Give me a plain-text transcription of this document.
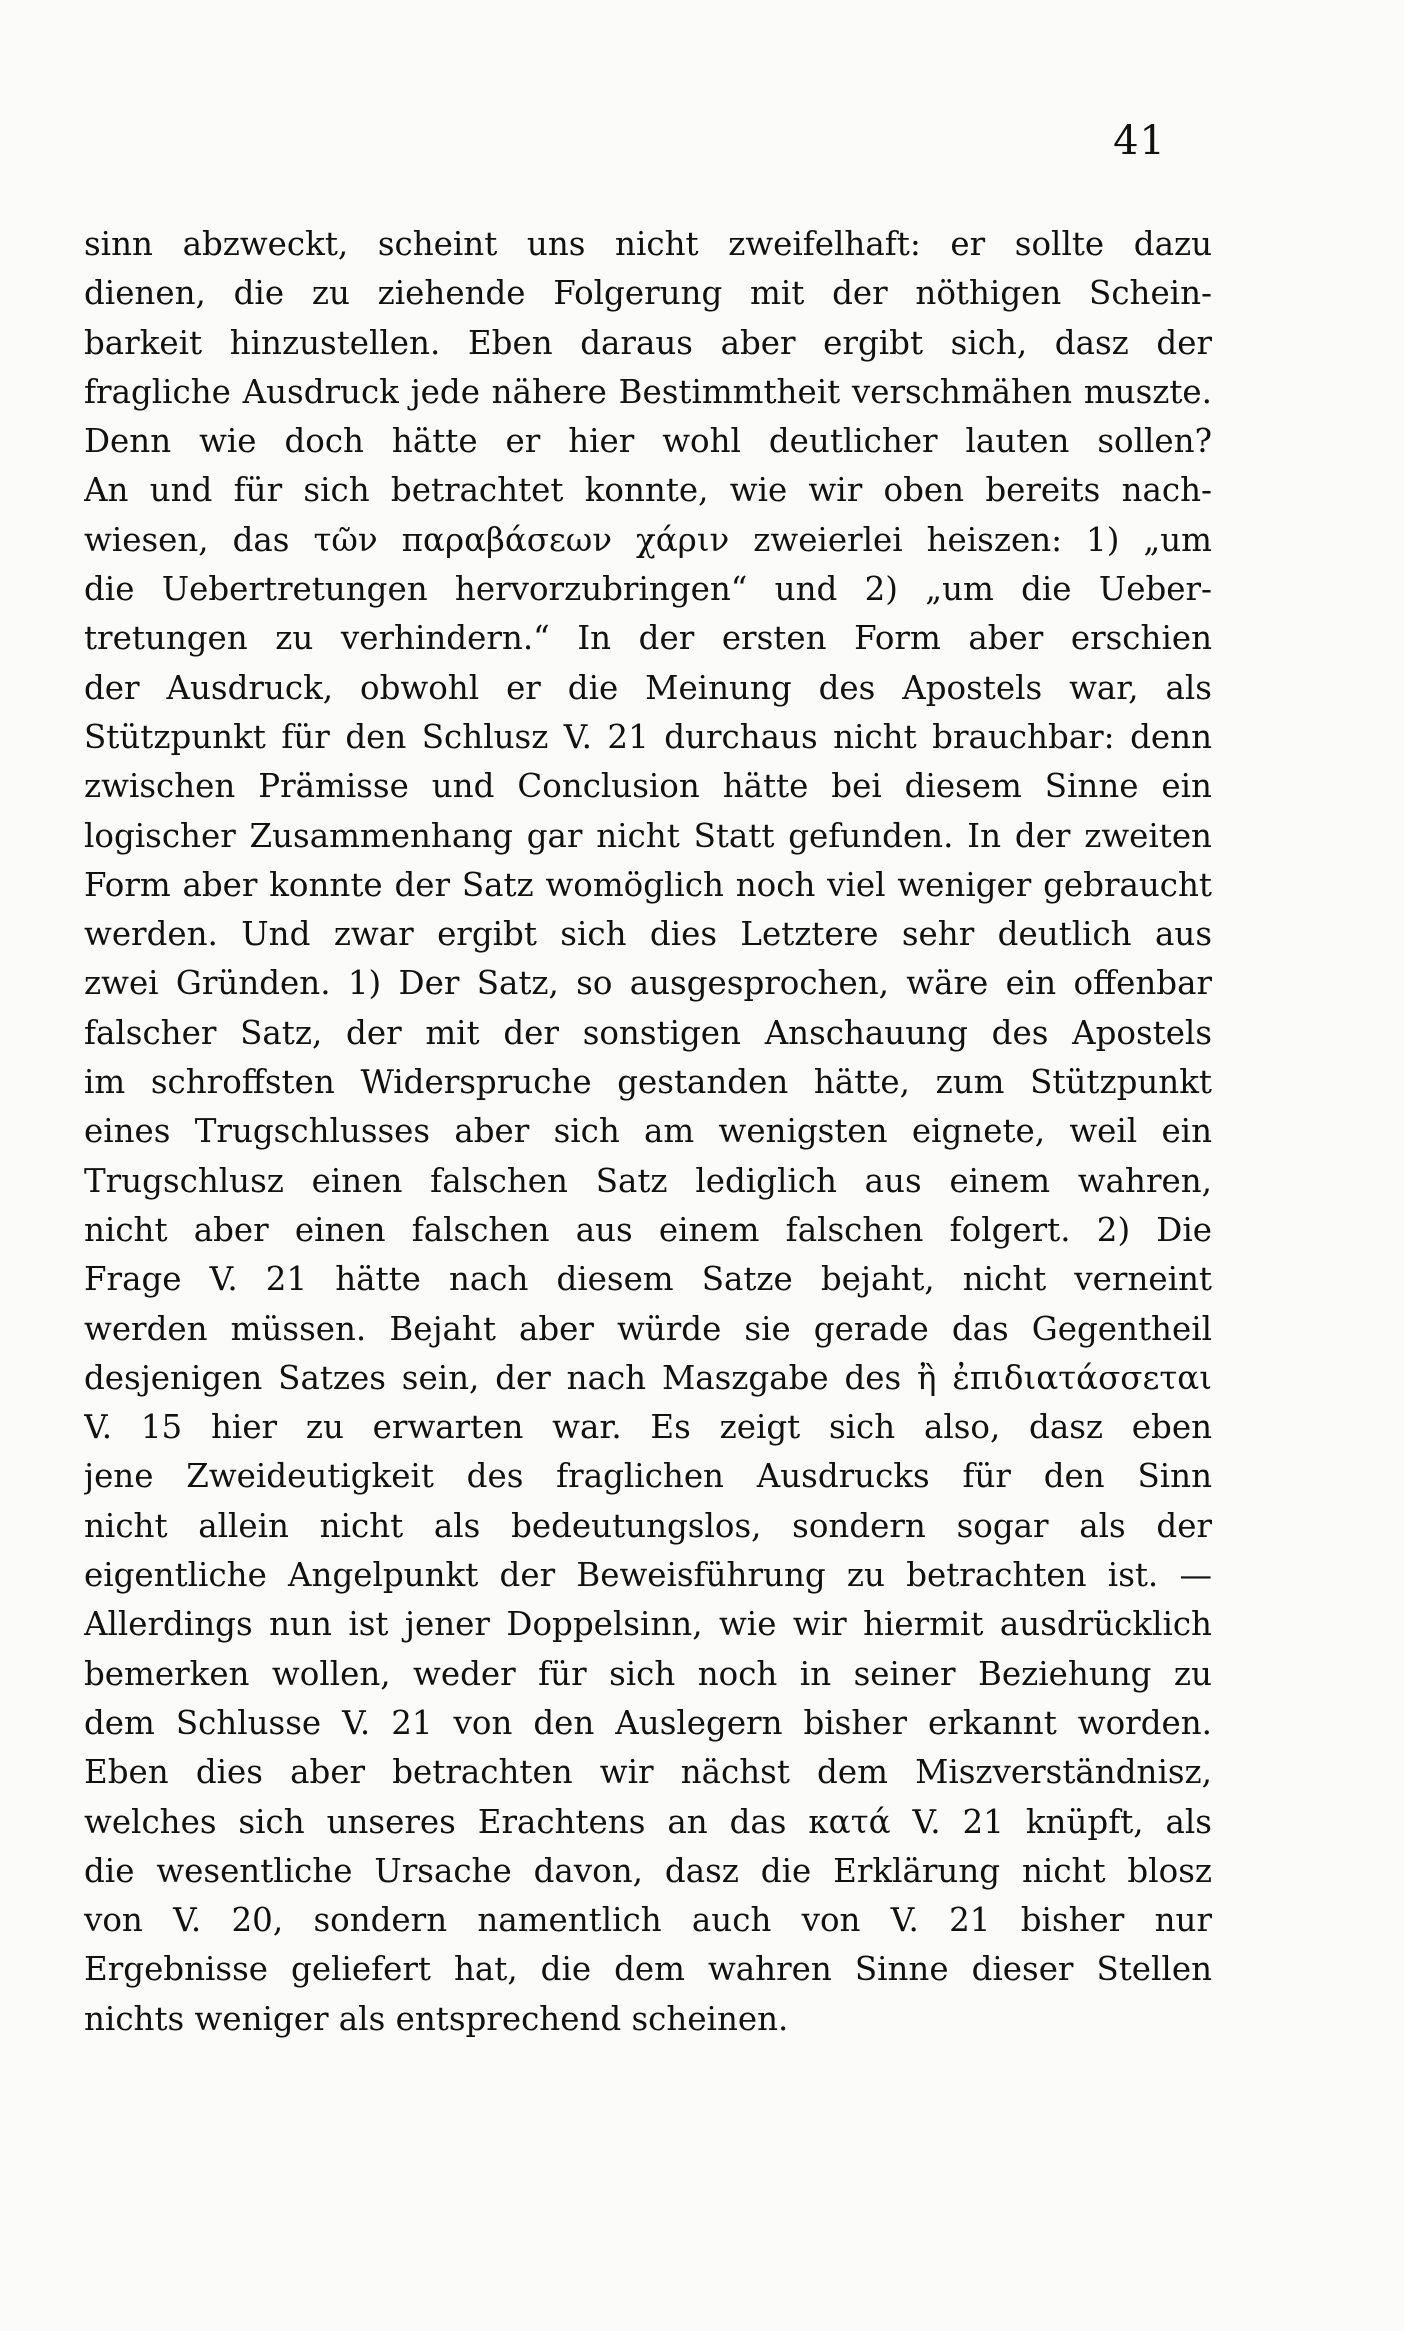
41
sinn abzweckt, scheint uns nicht zweifelhaft: er sollte dazu
dienen, die zu ziehende Folgerung mit der nöthigen Schein-
barkeit hinzustellen. Eben daraus aber ergibt sich, dasz der
fragliche Ausdruck jede nähere Bestimmtheit verschmähen muszte.
Denn wie doch hätte er hier wohl deutlicher lauten sollen?
An und für sich betrachtet konnte, wie wir oben bereits nach-
wiesen, das τῶν παραβάσεων χάριν zweierlei heiszen: 1) „um
die Uebertretungen hervorzubringen“ und 2) „um die Ueber-
tretungen zu verhindern.“ In der ersten Form aber erschien
der Ausdruck, obwohl er die Meinung des Apostels war, als
Stützpunkt für den Schlusz V. 21 durchaus nicht brauchbar: denn
zwischen Prämisse und Conclusion hätte bei diesem Sinne ein
logischer Zusammenhang gar nicht Statt gefunden. In der zweiten
Form aber konnte der Satz womöglich noch viel weniger gebraucht
werden. Und zwar ergibt sich dies Letztere sehr deutlich aus
zwei Gründen. 1) Der Satz, so ausgesprochen, wäre ein offenbar
falscher Satz, der mit der sonstigen Anschauung des Apostels
im schroffsten Widerspruche gestanden hätte, zum Stützpunkt
eines Trugschlusses aber sich am wenigsten eignete, weil ein
Trugschlusz einen falschen Satz lediglich aus einem wahren,
nicht aber einen falschen aus einem falschen folgert. 2) Die
Frage V. 21 hätte nach diesem Satze bejaht, nicht verneint
werden müssen. Bejaht aber würde sie gerade das Gegentheil
desjenigen Satzes sein, der nach Maszgabe des ἢ ἐπιδιατάσσεται
V. 15 hier zu erwarten war. Es zeigt sich also, dasz eben
jene Zweideutigkeit des fraglichen Ausdrucks für den Sinn
nicht allein nicht als bedeutungslos, sondern sogar als der
eigentliche Angelpunkt der Beweisführung zu betrachten ist. —
Allerdings nun ist jener Doppelsinn, wie wir hiermit ausdrücklich
bemerken wollen, weder für sich noch in seiner Beziehung zu
dem Schlusse V. 21 von den Auslegern bisher erkannt worden.
Eben dies aber betrachten wir nächst dem Miszverständnisz,
welches sich unseres Erachtens an das κατά V. 21 knüpft, als
die wesentliche Ursache davon, dasz die Erklärung nicht blosz
von V. 20, sondern namentlich auch von V. 21 bisher nur
Ergebnisse geliefert hat, die dem wahren Sinne dieser Stellen
nichts weniger als entsprechend scheinen.
